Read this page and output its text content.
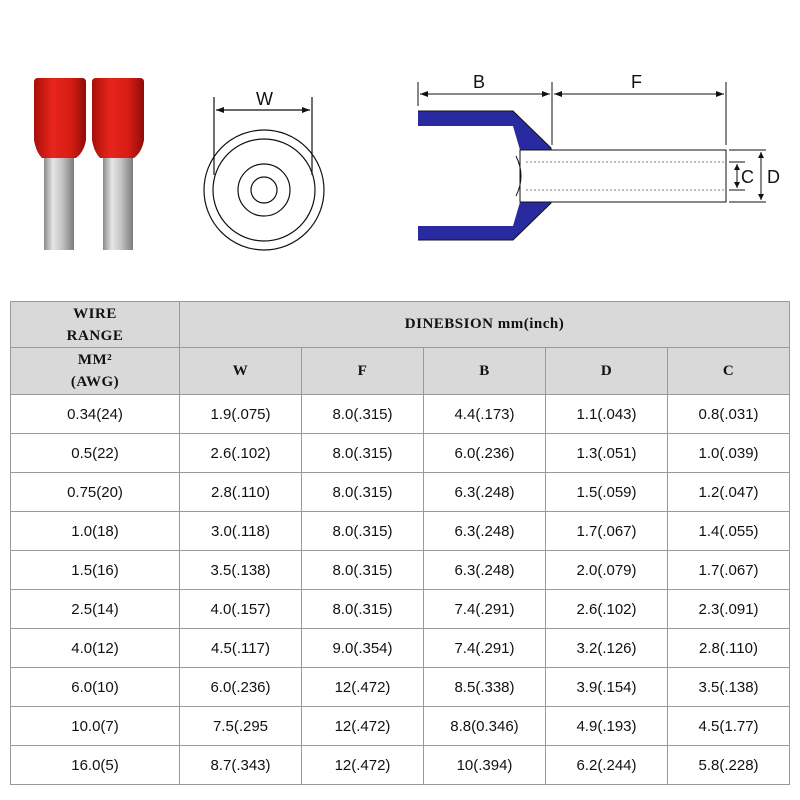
W
B	F
C D
WIRE
RANGE	DINEBSION mm(inch)				

MM²
(AWG)	W	F	B	D	C
0.34(24)	1.9(.075)	8.0(.315)	4.4(.173)	1.1(.043)	0.8(.031)
0.5(22)	2.6(.102)	8.0(.315)	6.0(.236)	1.3(.051)	1.0(.039)
0.75(20)	2.8(.110)	8.0(.315)	6.3(.248)	1.5(.059)	1.2(.047)
1.0(18)	3.0(.118)	8.0(.315)	6.3(.248)	1.7(.067)	1.4(.055)
1.5(16)	3.5(.138)	8.0(.315)	6.3(.248)	2.0(.079)	1.7(.067)
2.5(14)	4.0(.157)	8.0(.315)	7.4(.291)	2.6(.102)	2.3(.091)
4.0(12)	4.5(.117)	9.0(.354)	7.4(.291)	3.2(.126)	2.8(.110)
6.0(10)	6.0(.236)	12(.472)	8.5(.338)	3.9(.154)	3.5(.138)
10.0(7)	7.5(.295	12(.472)	8.8(0.346)	4.9(.193)	4.5(1.77)
16.0(5)	8.7(.343)	12(.472)	10(.394)	6.2(.244)	5.8(.228)
